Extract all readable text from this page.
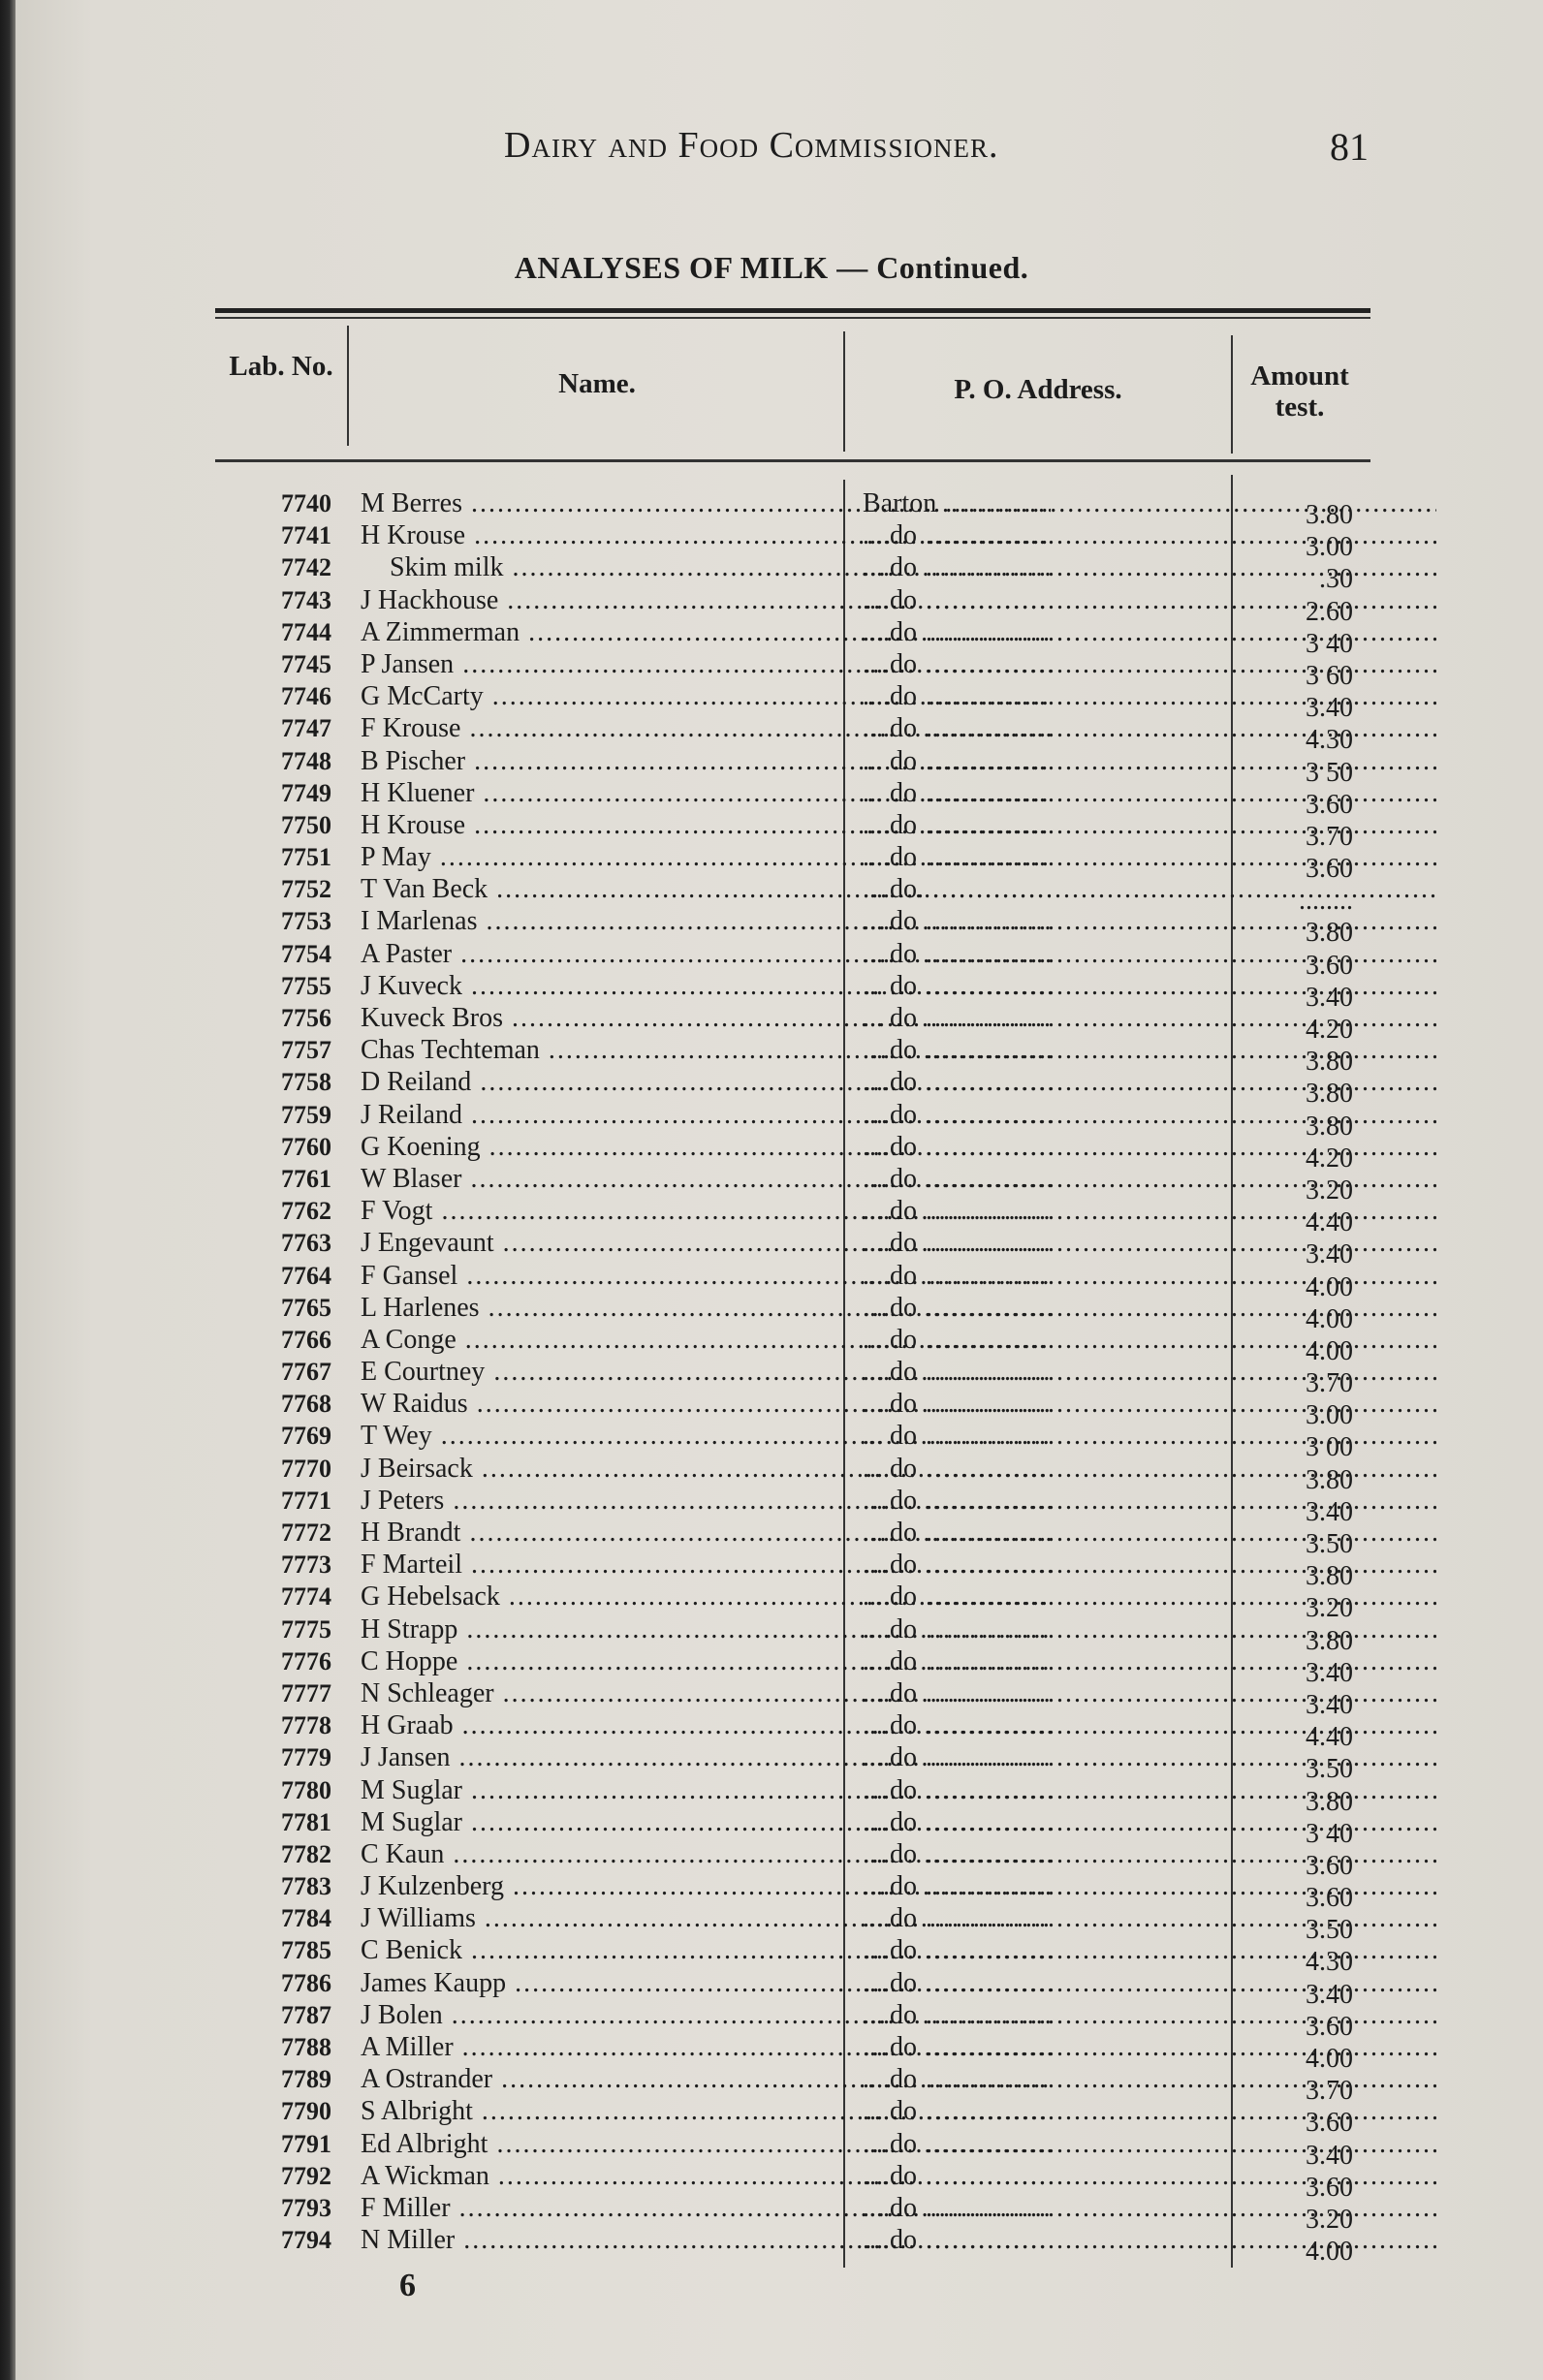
Dairy and Food Commissioner.	81
ANALYSES OF MILK — Continued.
Lab. No.
Name.	P. O. Address.	Amount test.
7740 M Berres .....	Barton .....	3.80
7741 H Krouse .....	....do .....	3.00
7742 Skim milk .....	....do .....	.30
7743 J Hackhouse .....	....do .....	2.60
7744 A Zimmerman .....	....do .....	3 40
7745 P Jansen .....	....do .....	3 60
7746 G McCarty .....	....do .....	3.40
7747 F Krouse .....	....do .....	4.30
7748 B Pischer .....	... do .....	3 50
7749 H Kluener .....	... do .....	3.60
7750 H Krouse .....	....do .....	3.70
7751 P May .....	....do .....	3.60
7752 T Van Beck .....	....do. .....	........
7753 I Marlenas .....	....do .....	3.80
7754 A Paster .....	....do .....	3.60
7755 J Kuveck .....	... do .....	3.40
7756 Kuveck Bros .....	... do .....	4.20
7757 Chas Techteman .....	....do .....	3.80
7758 D Reiland .....	....do .....	3.80
7759 J Reiland .....	....do .....	3.80
7760 G Koening .....	....do .....	4.20
7761 W Blaser .....	....do .....	3.20
7762 F Vogt .....	....do .....	4.40
7763 J Engevaunt .....	....do .....	3.40
7764 F Gansel .....	....do .....	4.00
7765 L Harlenes .....	....do .....	4.00
7766 A Conge .....	....do .....	4.00
7767 E Courtney .....	....do .....	3.70
7768 W Raidus .....	....do .....	3.00
7769 T Wey .....	... do .....	3 00
7770 J Beirsack .....	....do .....	3.80
7771 J Peters .....	....do .....	3.40
7772 H Brandt .....	....do .....	3.50
7773 F Marteil .....	....do .....	3.80
7774 G Hebelsack .....	....do .....	3.20
7775 H Strapp .....	....do .....	3.80
7776 C Hoppe .....	....do .....	3.40
7777 N Schleager .....	....do .....	3.40
7778 H Graab .....	....do .....	4.40
7779 J Jansen .....	....do .....	3.50
7780 M Suglar .....	....do .....	3.80
7781 M Suglar .....	....do .....	3 40
7782 C Kaun .....	....do .....	3.60
7783 J Kulzenberg .....	....do .....	3.60
7784 J Williams .....	....do .....	3.50
7785 C Benick .....	....do .....	4.30
7786 James Kaupp .....	....do .....	3.40
7787 J Bolen .....	....do .....	3.60
7788 A Miller .....	....do .....	4.00
7789 A Ostrander .....	....do .....	3.70
7790 S Albright .....	....do .....	3.60
7791 Ed Albright .....	....do .....	3.40
7792 A Wickman .....	....do .....	3.60
7793 F Miller .....	....do .....	3.20
7794 N Miller .....	....do .....	4.00
6
